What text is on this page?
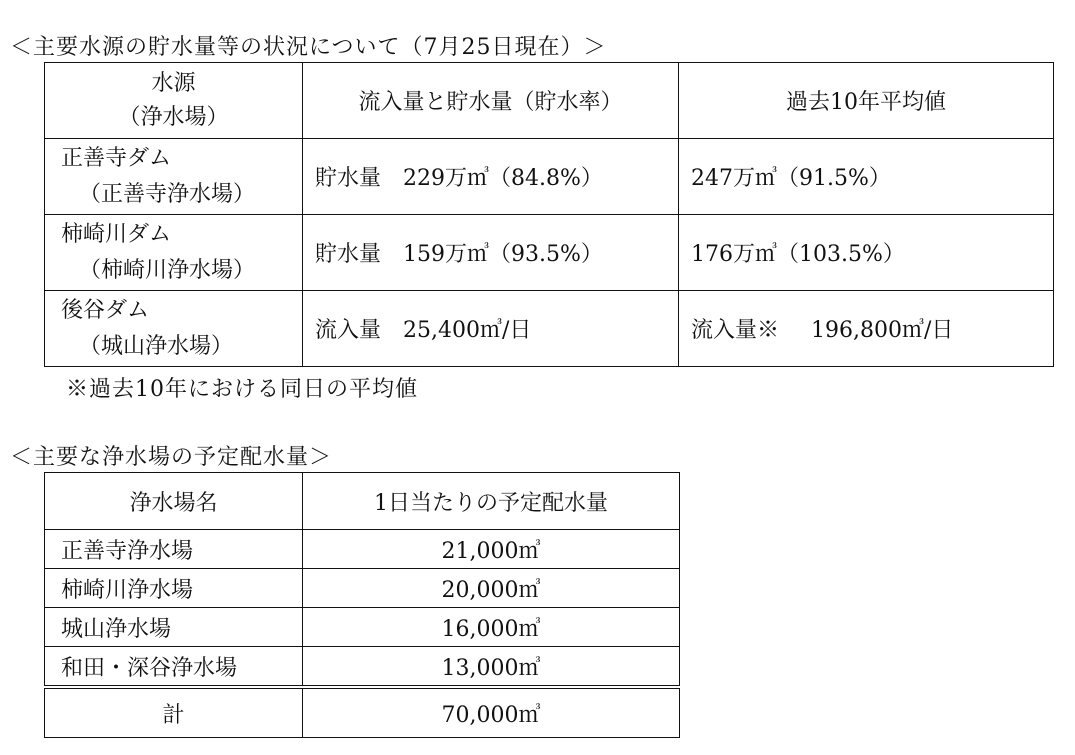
＜主要水源の貯水量等の状況について（7月25日現在）＞
水源
（浄水場）	流入量と貯水量（貯水率）	過去10年平均値
正善寺ダム
（正善寺浄水場）	貯水量 229万㎥（84.8%）	247万㎥（91.5%）
柿崎川ダム
（柿崎川浄水場）	貯水量 159万㎥（93.5%）	176万㎥（103.5%）
後谷ダム
（城山浄水場）	流入量 25,400㎥/日	流入量※ 196,800㎥/日
※過去10年における同日の平均値
＜主要な浄水場の予定配水量＞
浄水場名	1日当たりの予定配水量
正善寺浄水場	21,000㎥
柿崎川浄水場	20,000㎥
城山浄水場	16,000㎥
和田・深谷浄水場	13,000㎥
計	70,000㎥
